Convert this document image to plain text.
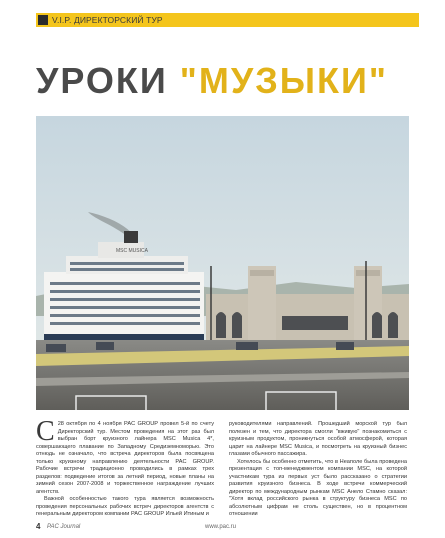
V.I.P. ДИРЕКТОРСКИЙ ТУР
УРОКИ "МУЗЫКИ"
MSC MUSICA

С 28 октября по 4 ноября PAC GROUP провел 5-й по счету Директорский тур. Местом проведения на этот раз был выбран борт круизного лайнера MSC Musica 4*, совершающего плавание по Западному Средиземноморью. Это отнюдь не означало, что встреча директоров была посвящена только круизному направлению деятельности PAC GROUP. Рабочие встречи традиционно проводились в рамках трех разделов: подведение итогов за летний период, новые планы на зимний сезон 2007-2008 и торжественное награждение лучших агентств.

Важной особенностью такого тура является возможность проведения персональных рабочих встреч директоров агентств с генеральным директором компании PAC GROUP Ильей Итиным и

руководителями направлений. Прошедший морской тур был полезен и тем, что директора смогли "вживую" познакомиться с круизным продуктом, проникнуться особой атмосферой, которая царит на лайнере MSC Musica, и посмотреть на круизный бизнес глазами обычного пассажира.

Хотелось бы особенно отметить, что в Неаполе была проведена презентация с топ-менеджментом компании MSC, на которой участникам тура из первых уст было рассказано о стратегии развития круизного бизнеса. В ходе встречи коммерческий директор по международным рынкам MSC Анело Стамно сказал: "Хотя вклад российского рынка в структуру бизнеса MSC по абсолютным цифрам не столь существен, но в процентном отношении

4 PAC Journal	www.pac.ru
